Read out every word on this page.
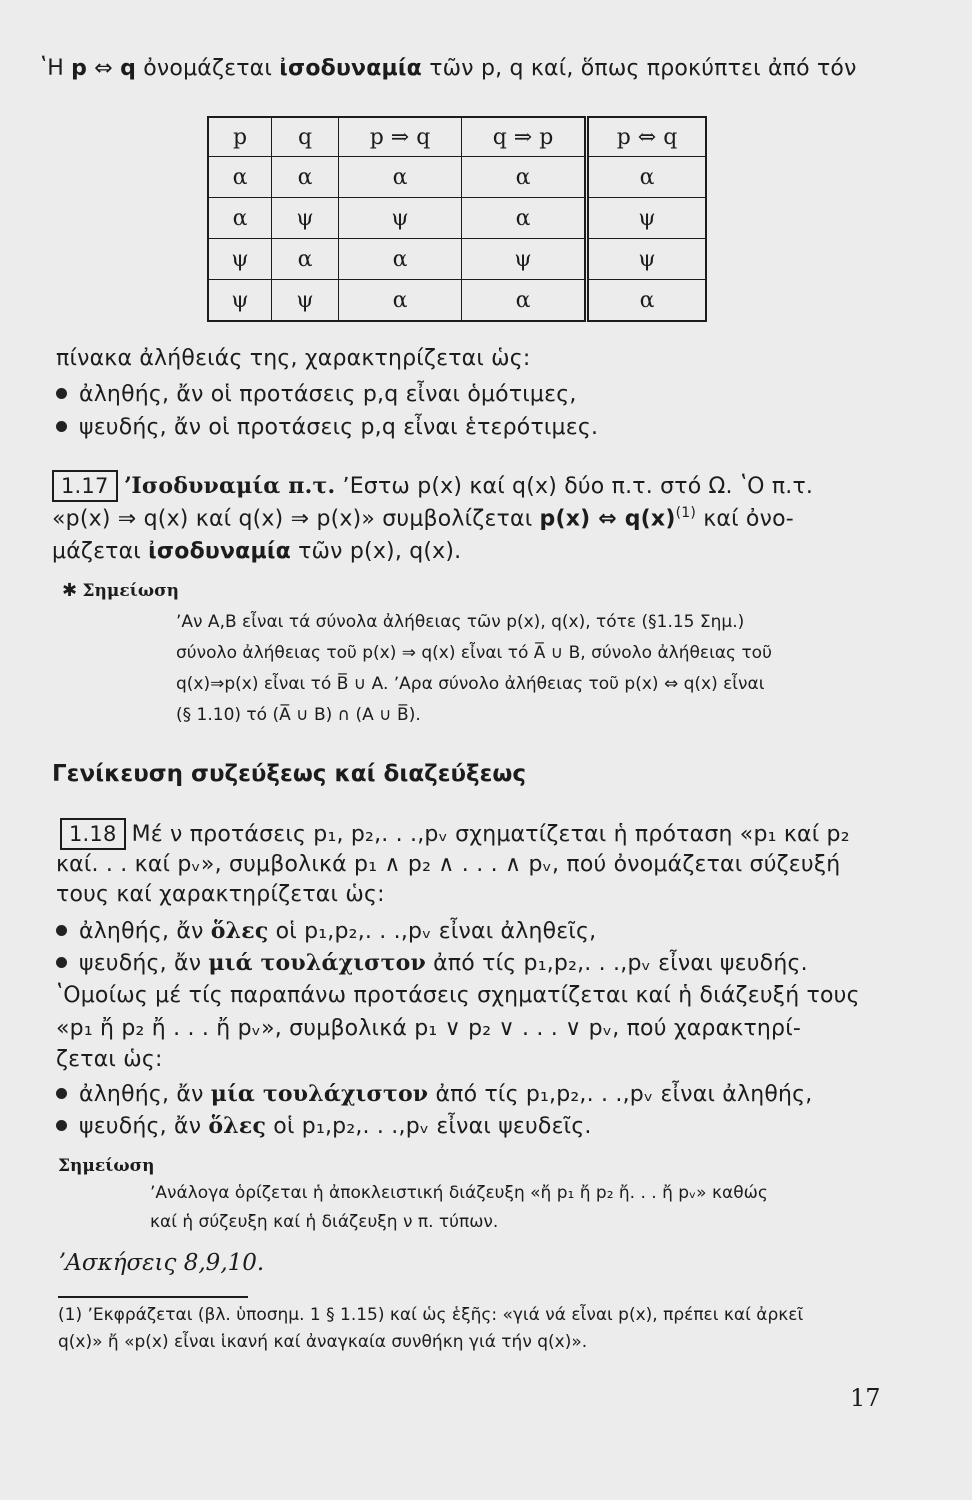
ʽΗ p ⇔ q ὀνομάζεται ἰσοδυναμία τῶν p, q καί, ὅπως προκύπτει ἀπό τόν
p	q	p ⇒ q	q ⇒ p	p ⇔ q
α	α	α	α	α
α	ψ	ψ	α	ψ
ψ	α	α	ψ	ψ
ψ	ψ	α	α	α
πίνακα ἀλήθειάς της, χαρακτηρίζεται ὡς:
ἀληθής, ἄν οἱ προτάσεις p,q εἶναι ὁμότιμες,
ψευδής, ἄν οἱ προτάσεις p,q εἶναι ἑτερότιμες.
1.17 ʼΙσοδυναμία π.τ. ʼΕστω p(x) καί q(x) δύο π.τ. στό Ω. ʽΟ π.τ.
«p(x) ⇒ q(x) καί q(x) ⇒ p(x)» συμβολίζεται p(x) ⇔ $q(x)^{(1)}$ καί ὀνο-
μάζεται ἰσοδυναμία τῶν p(x), q(x).
✱ Σημείωση
ʼΑν A,B εἶναι τά σύνολα ἀλήθειας τῶν p(x), q(x), τότε (§1.15 Σημ.)
σύνολο ἀλήθειας τοῦ p(x) ⇒ q(x) εἶναι τό A̅ ∪ B, σύνολο ἀλήθειας τοῦ
q(x)⇒p(x) εἶναι τό B̅ ∪ A. ʼΑρα σύνολο ἀλήθειας τοῦ p(x) ⇔ q(x) εἶναι
(§ 1.10) τό (A̅ ∪ B) ∩ (A ∪ B̅).
Γενίκευση συζεύξεως καί διαζεύξεως
1.18 Μέ ν προτάσεις p₁, p₂,. . .,pᵥ σχηματίζεται ἡ πρόταση «p₁ καί p₂
καί. . . καί pᵥ», συμβολικά p₁ ∧ p₂ ∧ . . . ∧ pᵥ, πού ὀνομάζεται σύζευξή
τους καί χαρακτηρίζεται ὡς:
ἀληθής, ἄν ὅλες οἱ p₁,p₂,. . .,pᵥ εἶναι ἀληθεῖς,
ψευδής, ἄν μιά τουλάχιστον ἀπό τίς p₁,p₂,. . .,pᵥ εἶναι ψευδής.
ʽΟμοίως μέ τίς παραπάνω προτάσεις σχηματίζεται καί ἡ διάζευξή τους
«p₁ ἤ p₂ ἤ . . . ἤ pᵥ», συμβολικά p₁ ∨ p₂ ∨ . . . ∨ pᵥ, πού χαρακτηρί-
ζεται ὡς:
ἀληθής, ἄν μία τουλάχιστον ἀπό τίς p₁,p₂,. . .,pᵥ εἶναι ἀληθής,
ψευδής, ἄν ὅλες οἱ p₁,p₂,. . .,pᵥ εἶναι ψευδεῖς.
Σημείωση
ʼΑνάλογα ὁρίζεται ἡ ἀποκλειστική διάζευξη «ἤ p₁ ἤ p₂ ἤ. . . ἤ pᵥ» καθώς
καί ἡ σύζευξη καί ἡ διάζευξη ν π. τύπων.
ʼΑσκήσεις 8,9,10.
(1) ʼΕκφράζεται (βλ. ὑποσημ. 1 § 1.15) καί ὡς ἑξῆς: «γιά νά εἶναι p(x), πρέπει καί ἀρκεῖ
q(x)» ἤ «p(x) εἶναι ἱκανή καί ἀναγκαία συνθήκη γιά τήν q(x)».
17
